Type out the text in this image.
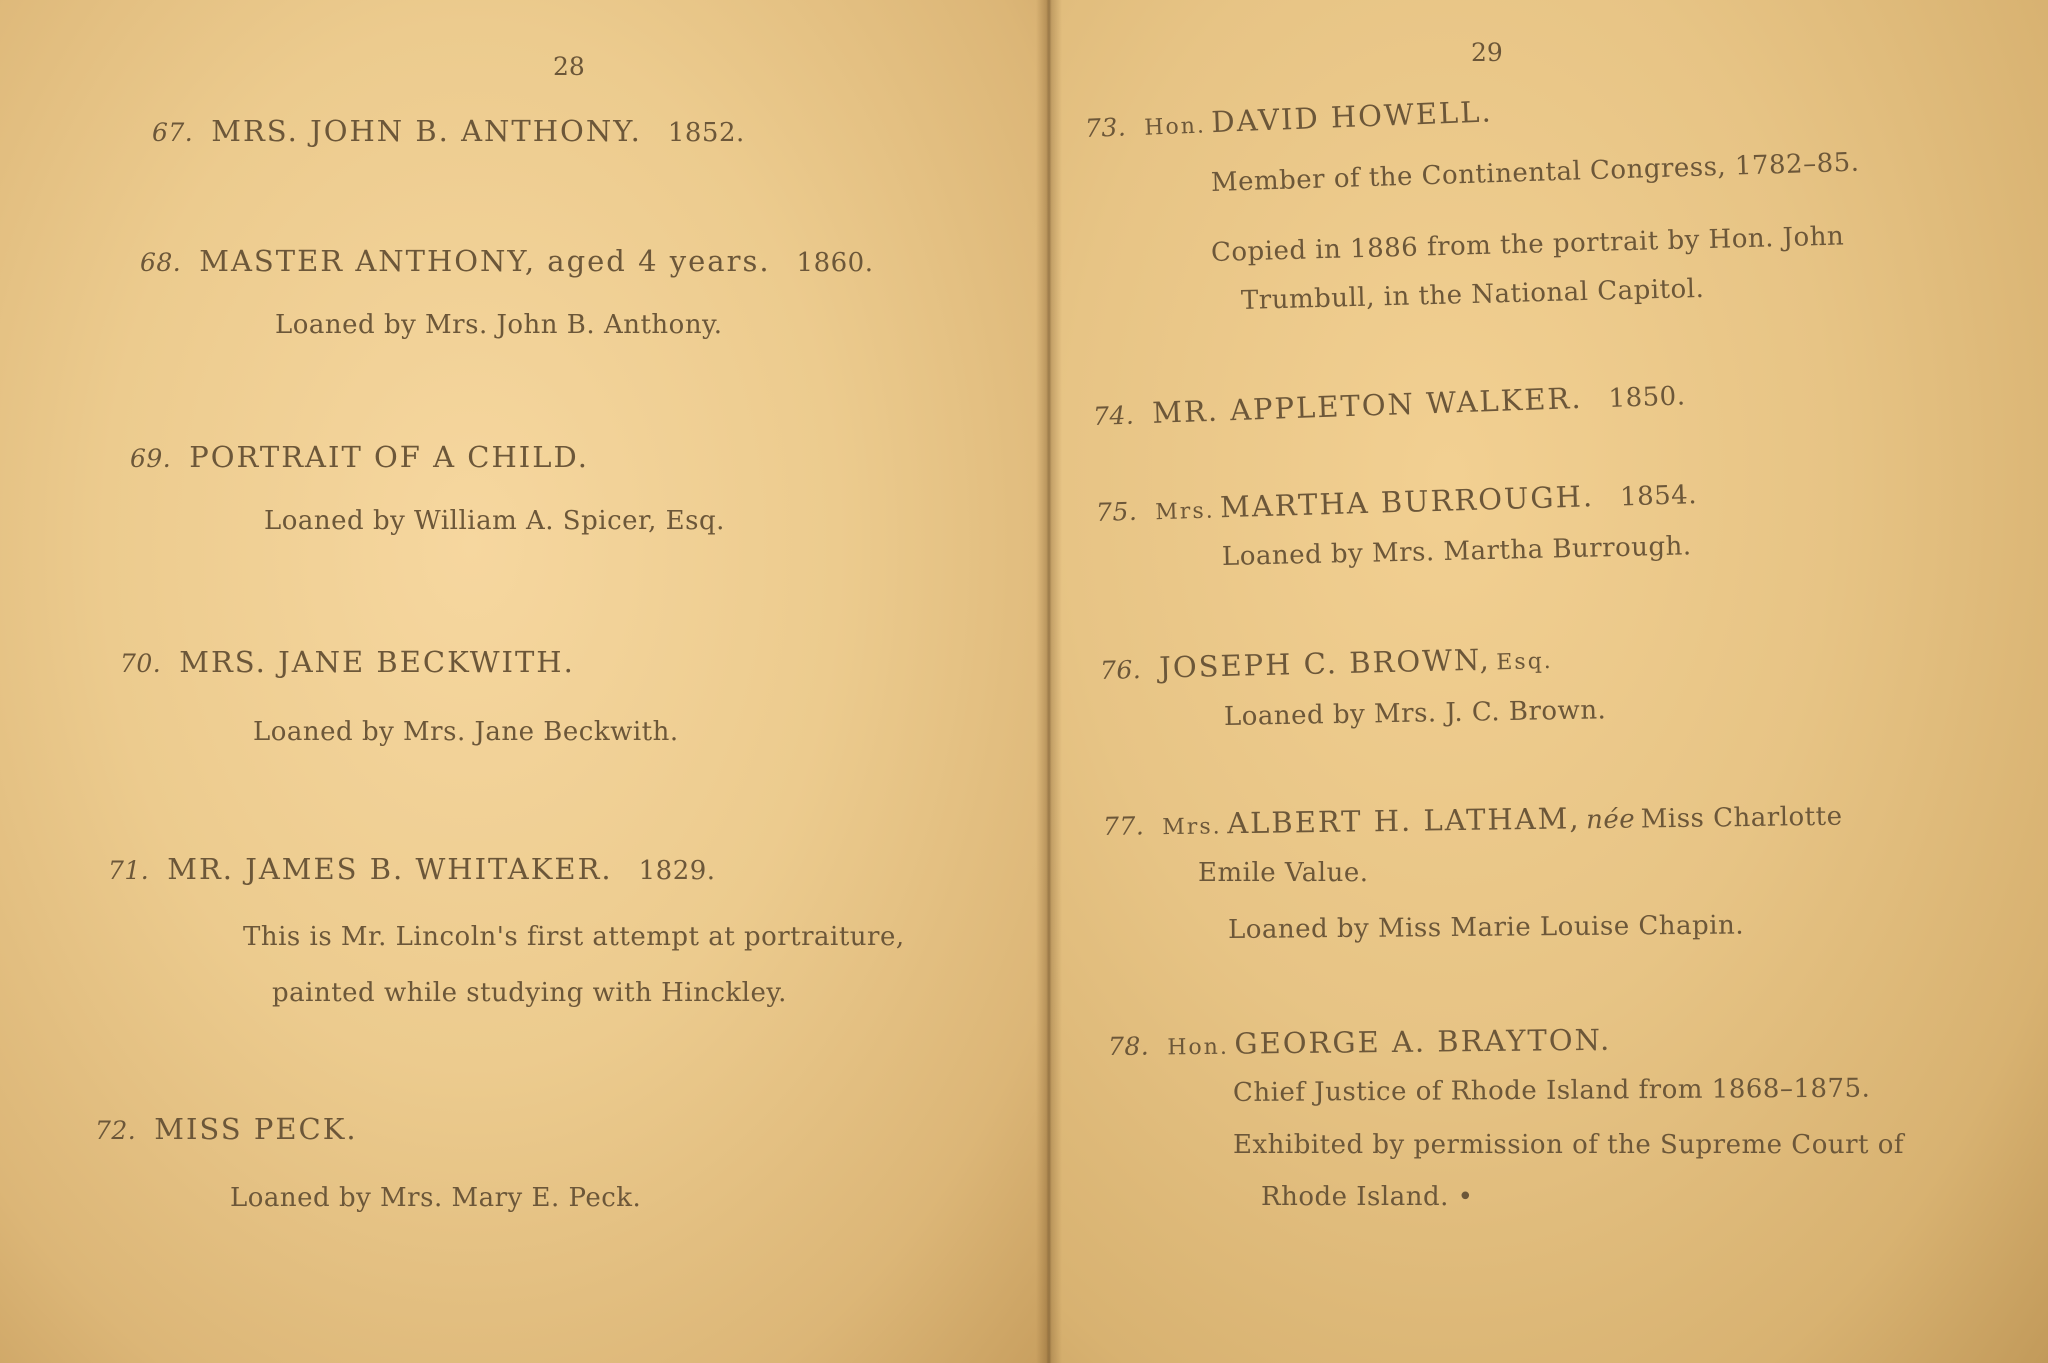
28
67. MRS. JOHN B. ANTHONY. 1852.
68. MASTER ANTHONY, aged 4 years. 1860.
Loaned by Mrs. John B. Anthony.
69. PORTRAIT OF A CHILD.
Loaned by William A. Spicer, Esq.
70. MRS. JANE BECKWITH.
Loaned by Mrs. Jane Beckwith.
71. MR. JAMES B. WHITAKER. 1829.
This is Mr. Lincoln's first attempt at portraiture,
painted while studying with Hinckley.
72. MISS PECK.
Loaned by Mrs. Mary E. Peck.
29
73. Hon. DAVID HOWELL.
Member of the Continental Congress, 1782–85.
Copied in 1886 from the portrait by Hon. John
Trumbull, in the National Capitol.
74. MR. APPLETON WALKER. 1850.
75. Mrs. MARTHA BURROUGH. 1854.
Loaned by Mrs. Martha Burrough.
76. JOSEPH C. BROWN, Esq.
Loaned by Mrs. J. C. Brown.
77. Mrs. ALBERT H. LATHAM, née Miss Charlotte
Emile Value.
Loaned by Miss Marie Louise Chapin.
78. Hon. GEORGE A. BRAYTON.
Chief Justice of Rhode Island from 1868–1875.
Exhibited by permission of the Supreme Court of
Rhode Island. •
